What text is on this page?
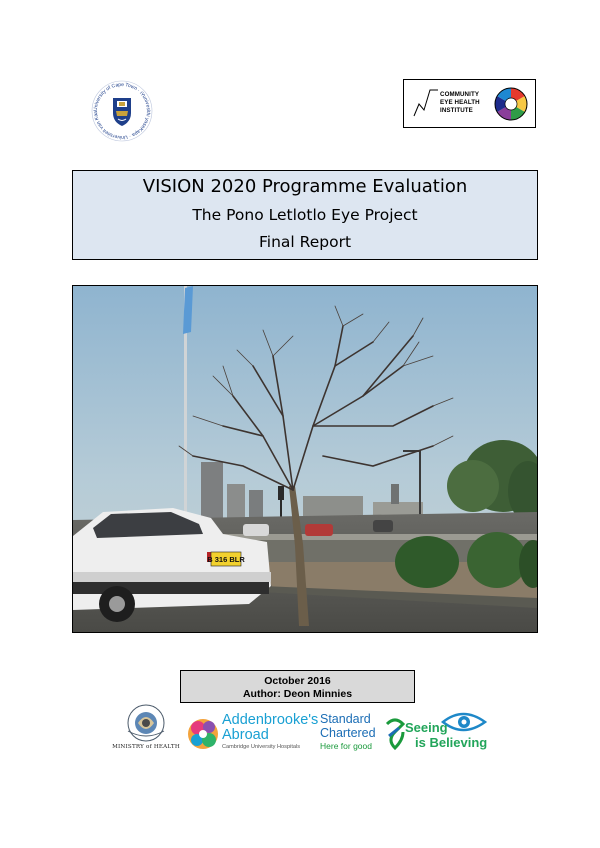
University of Cape Town · iYunivesithi yaseKapa · Universiteit van Kaa
COMMUNITY
EYE HEALTH
INSTITUTE
VISION 2020 Programme Evaluation
The Pono Letlotlo Eye Project
Final Report
B 316 BLR
October 2016
Author: Deon Minnies
MINISTRY of HEALTH
Addenbrooke's
Abroad
Cambridge University Hospitals
Standard
Chartered
Here for good
Seeing
is Believing
